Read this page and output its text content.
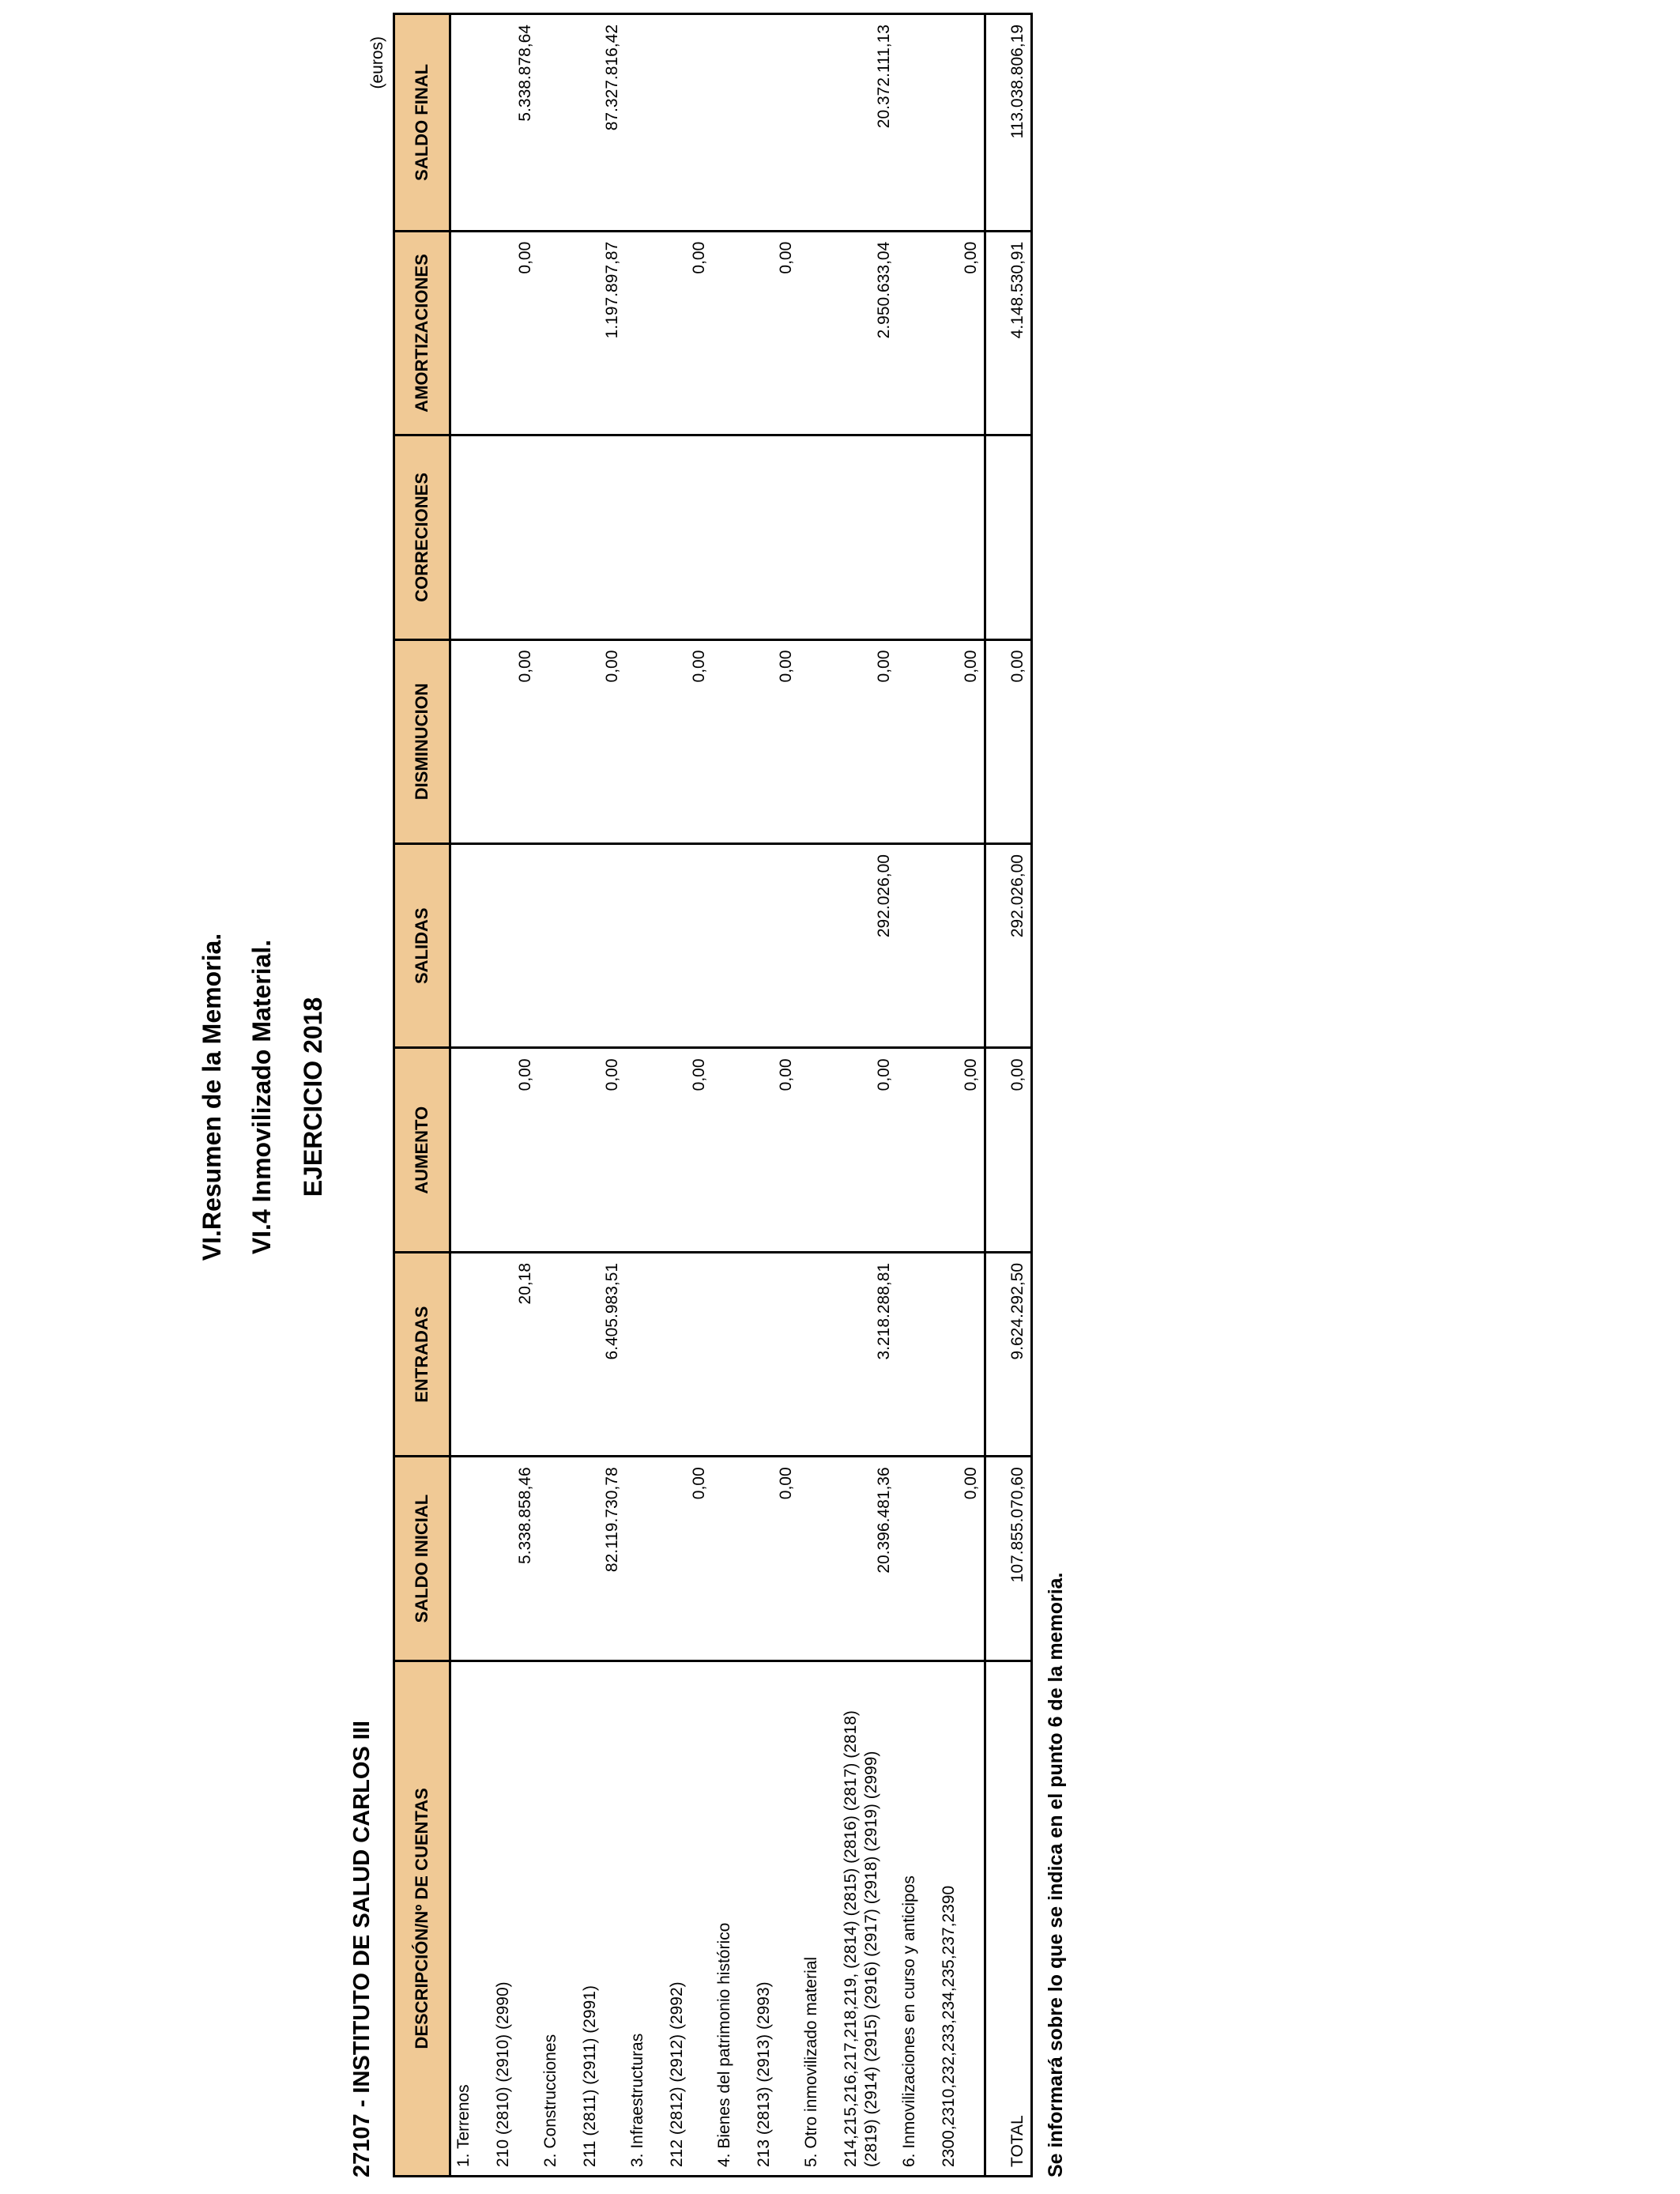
VI.Resumen de la Memoria. VI.4 Inmovilizado Material. EJERCICIO 2018
27107 - INSTITUTO DE SALUD CARLOS III
(euros)
DESCRIPCIÓN/Nº DE CUENTAS	SALDO INICIAL	ENTRADAS	AUMENTO	SALIDAS	DISMINUCION	CORRECIONES	AMORTIZACIONES	SALDO FINAL
1. Terrenos								
210 (2810) (2910) (2990)	5.338.858,46	20,18	0,00		0,00		0,00	5.338.878,64
2. Construcciones								
211 (2811) (2911) (2991)	82.119.730,78	6.405.983,51	0,00		0,00		1.197.897,87	87.327.816,42
3. Infraestructuras								
212 (2812) (2912) (2992)	0,00		0,00		0,00		0,00	
4. Bienes del patrimonio histórico								
213 (2813) (2913) (2993)	0,00		0,00		0,00		0,00	
5. Otro inmovilizado material								
214,215,216,217,218,219, (2814) (2815) (2816) (2817) (2818) (2819) (2914) (2915) (2916) (2917) (2918) (2919) (2999)	20.396.481,36	3.218.288,81	0,00	292.026,00	0,00		2.950.633,04	20.372.111,13
6. Inmovilizaciones en curso y anticipos								
2300,2310,232,233,234,235,237,2390	0,00		0,00		0,00		0,00	
TOTAL	107.855.070,60	9.624.292,50	0,00	292.026,00	0,00		4.148.530,91	113.038.806,19
Se informará sobre lo que se indica en el punto 6 de la memoria.
